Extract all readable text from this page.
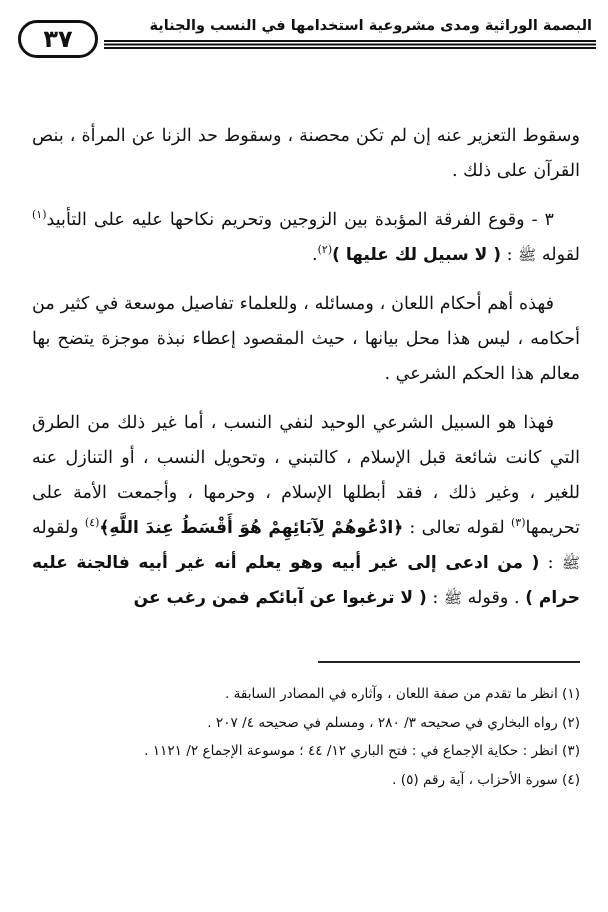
البصمة الوراثية ومدى مشروعية استخدامها في النسب والجناية
٣٧

وسقوط التعزير عنه إن لم تكن محصنة ، وسقوط حد الزنا عن المرأة ، بنص القرآن على ذلك .

٣ - وقوع الفرقة المؤبدة بين الزوجين وتحريم نكاحها عليه على التأبيد$^{(١)}$ لقوله ﷺ : ( لا سبيل لك عليها )$^{(٢)}$.

فهذه أهم أحكام اللعان ، ومسائله ، وللعلماء تفاصيل موسعة في كثير من أحكامه ، ليس هذا محل بيانها ، حيث المقصود إعطاء نبذة موجزة يتضح بها معالم هذا الحكم الشرعي .

فهذا هو السبيل الشرعي الوحيد لنفي النسب ، أما غير ذلك من الطرق التي كانت شائعة قبل الإسلام ، كالتبني ، وتحويل النسب ، أو التنازل عنه للغير ، وغير ذلك ، فقد أبطلها الإسلام ، وحرمها ، وأجمعت الأمة على تحريمها$^{(٣)}$ لقوله تعالى : ﴿ادْعُوهُمْ لِآبَائِهِمْ هُوَ أَقْسَطُ عِندَ اللَّهِ﴾$^{(٤)}$ ولقوله ﷺ : ( من ادعى إلى غير أبيه وهو يعلم أنه غير أبيه فالجنة عليه حرام ) . وقوله ﷺ : ( لا ترغبوا عن آبائكم فمن رغب عن

(١) انظر ما تقدم من صفة اللعان ، وآثاره في المصادر السابقة .
(٢) رواه البخاري في صحيحه ٣/ ٢٨٠ ، ومسلم في صحيحه ٤/ ٢٠٧ .
(٣) انظر : حكاية الإجماع في : فتح الباري ١٢/ ٤٤ ؛ موسوعة الإجماع ٢/ ١١٢١ .
(٤) سورة الأحزاب ، آية رقم (٥) .
